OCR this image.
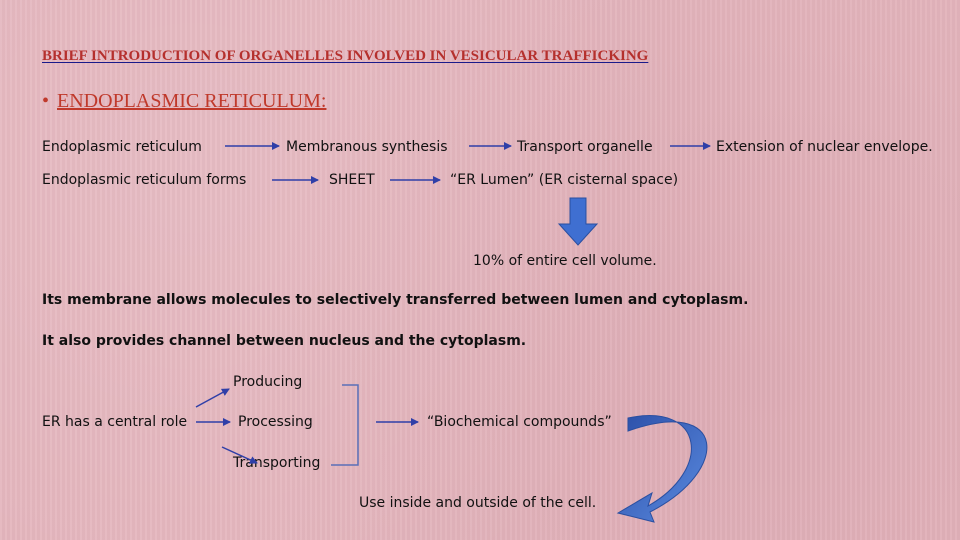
BRIEF INTRODUCTION OF ORGANELLES INVOLVED IN VESICULAR TRAFFICKING
• ENDOPLASMIC RETICULUM:
Endoplasmic reticulum	Membranous synthesis	Transport organelle	Extension of nuclear envelope.
Endoplasmic reticulum forms	SHEET	“ER Lumen” (ER cisternal space)
10% of entire cell volume.
Its membrane allows molecules to selectively transferred between lumen and cytoplasm.
It also provides channel between nucleus and the cytoplasm.
ER has a central role
Producing
Processing
Transporting
“Biochemical compounds”
Use inside and outside of the cell.
